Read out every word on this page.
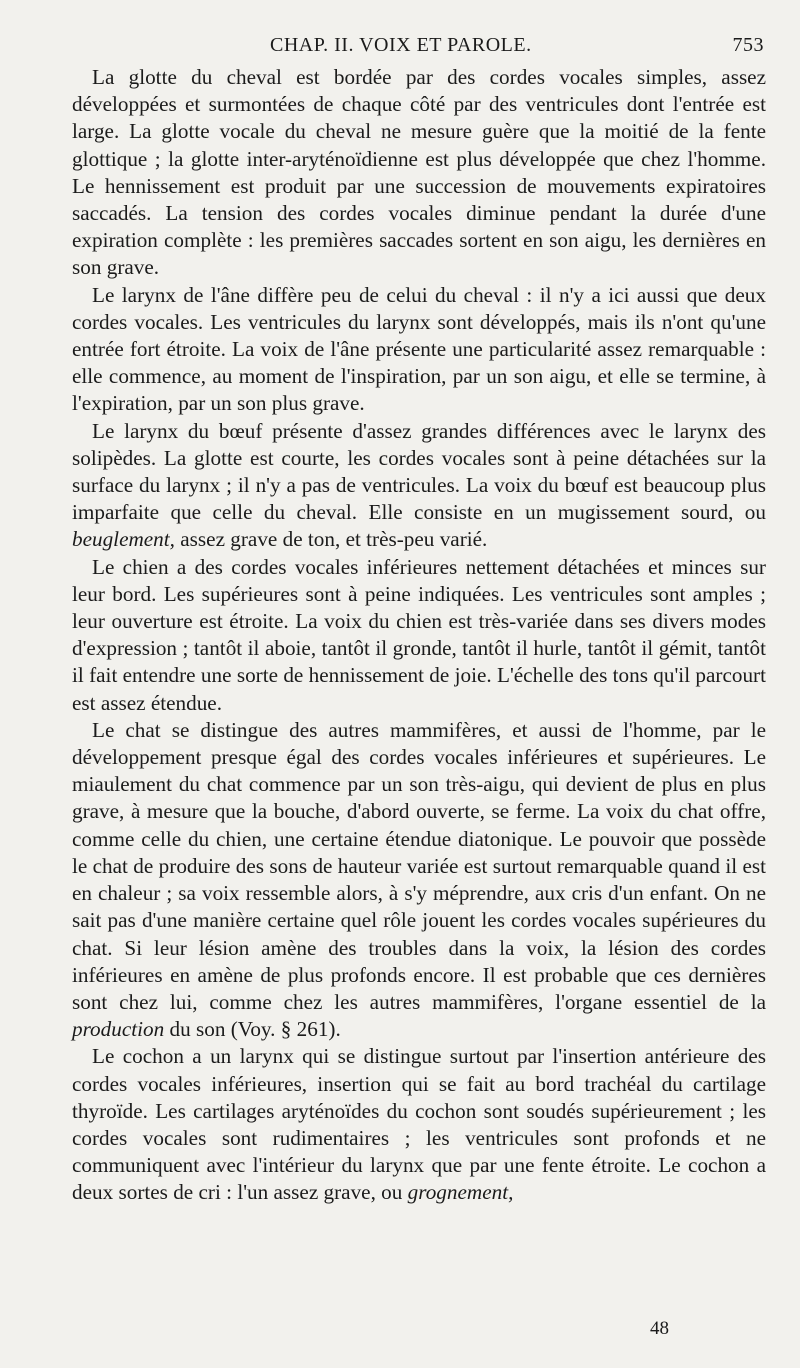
CHAP. II. VOIX ET PAROLE.	753

La glotte du cheval est bordée par des cordes vocales simples, assez développées et surmontées de chaque côté par des ventricules dont l'entrée est large. La glotte vocale du cheval ne mesure guère que la moitié de la fente glottique ; la glotte inter-aryténoïdienne est plus développée que chez l'homme. Le hennissement est produit par une succession de mouvements expiratoires saccadés. La tension des cordes vocales diminue pendant la durée d'une expiration complète : les premières saccades sortent en son aigu, les dernières en son grave.

Le larynx de l'âne diffère peu de celui du cheval : il n'y a ici aussi que deux cordes vocales. Les ventricules du larynx sont développés, mais ils n'ont qu'une entrée fort étroite. La voix de l'âne présente une particularité assez remarquable : elle commence, au moment de l'inspiration, par un son aigu, et elle se termine, à l'expiration, par un son plus grave.

Le larynx du bœuf présente d'assez grandes différences avec le larynx des solipèdes. La glotte est courte, les cordes vocales sont à peine détachées sur la surface du larynx ; il n'y a pas de ventricules. La voix du bœuf est beaucoup plus imparfaite que celle du cheval. Elle consiste en un mugissement sourd, ou beuglement, assez grave de ton, et très-peu varié.

Le chien a des cordes vocales inférieures nettement détachées et minces sur leur bord. Les supérieures sont à peine indiquées. Les ventricules sont amples ; leur ouverture est étroite. La voix du chien est très-variée dans ses divers modes d'expression ; tantôt il aboie, tantôt il gronde, tantôt il hurle, tantôt il gémit, tantôt il fait entendre une sorte de hennissement de joie. L'échelle des tons qu'il parcourt est assez étendue.

Le chat se distingue des autres mammifères, et aussi de l'homme, par le développement presque égal des cordes vocales inférieures et supérieures. Le miaulement du chat commence par un son très-aigu, qui devient de plus en plus grave, à mesure que la bouche, d'abord ouverte, se ferme. La voix du chat offre, comme celle du chien, une certaine étendue diatonique. Le pouvoir que possède le chat de produire des sons de hauteur variée est surtout remarquable quand il est en chaleur ; sa voix ressemble alors, à s'y méprendre, aux cris d'un enfant. On ne sait pas d'une manière certaine quel rôle jouent les cordes vocales supérieures du chat. Si leur lésion amène des troubles dans la voix, la lésion des cordes inférieures en amène de plus profonds encore. Il est probable que ces dernières sont chez lui, comme chez les autres mammifères, l'organe essentiel de la production du son (Voy. § 261).

Le cochon a un larynx qui se distingue surtout par l'insertion antérieure des cordes vocales inférieures, insertion qui se fait au bord trachéal du cartilage thyroïde. Les cartilages aryténoïdes du cochon sont soudés supérieurement ; les cordes vocales sont rudimentaires ; les ventricules sont profonds et ne communiquent avec l'intérieur du larynx que par une fente étroite. Le cochon a deux sortes de cri : l'un assez grave, ou grognement,

48
